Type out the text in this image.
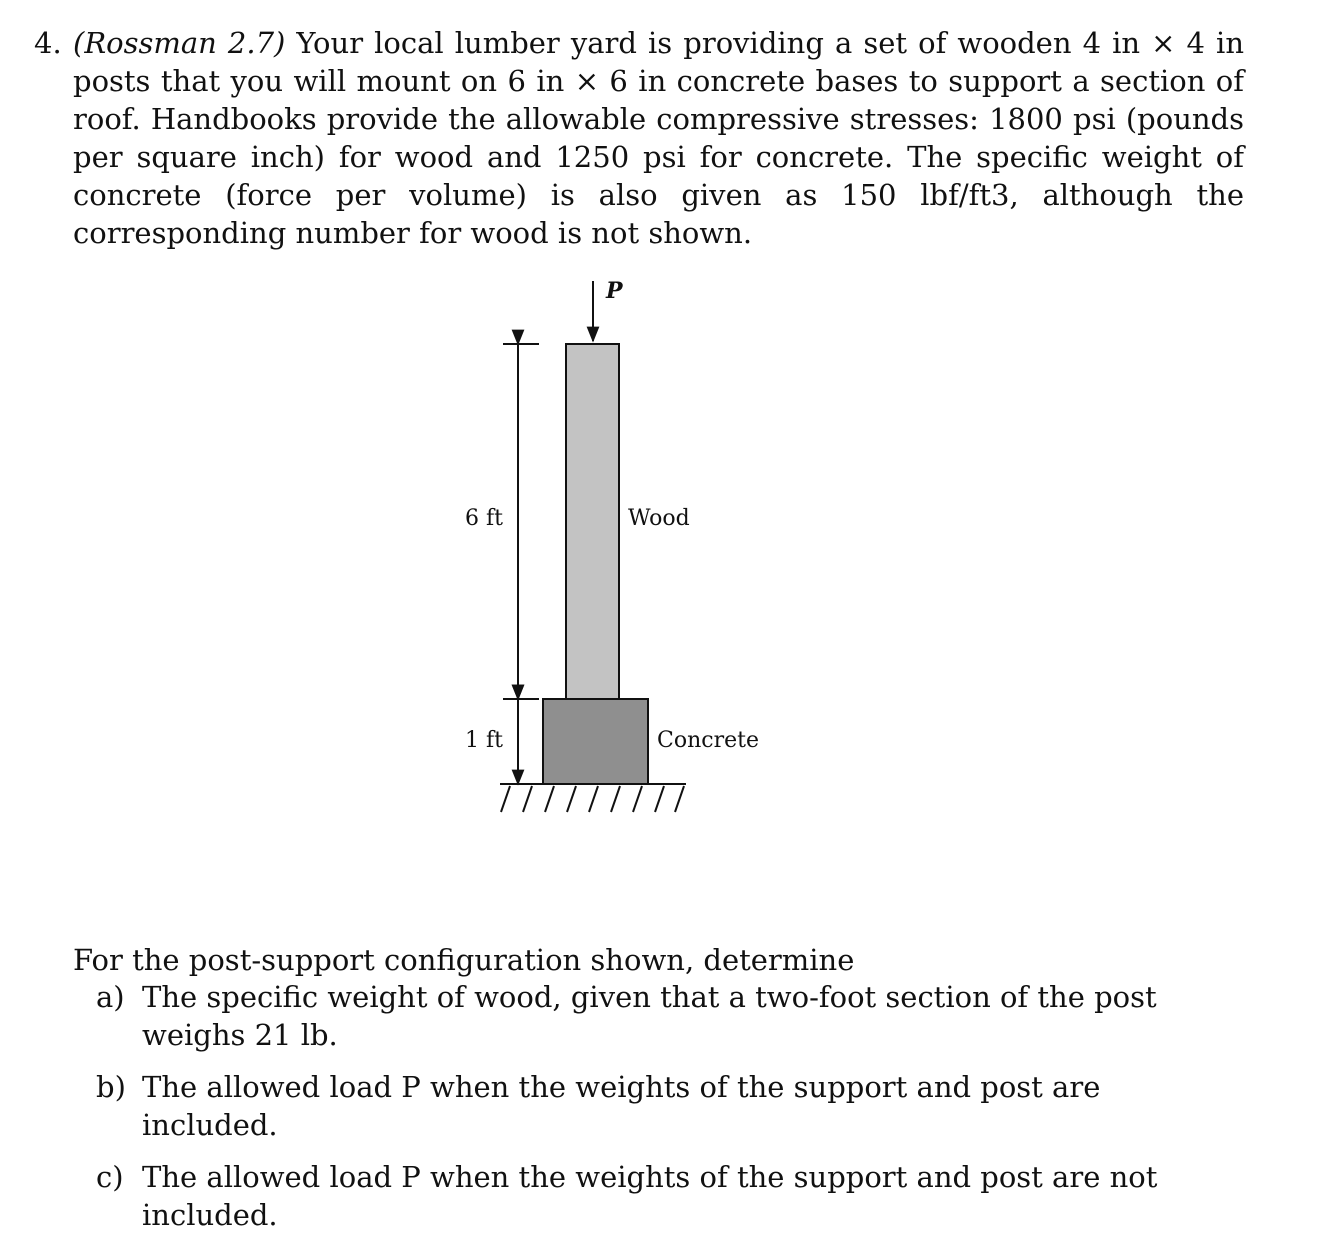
4. (Rossman 2.7) Your local lumber yard is providing a set of wooden 4 in × 4 in posts that you will mount on 6 in × 6 in concrete bases to support a section of roof. Handbooks provide the allowable compressive stresses: 1800 psi (pounds per square inch) for wood and 1250 psi for concrete. The specific weight of concrete (force per volume) is also given as 150 lbf/ft3, although the corresponding number for wood is not shown.
P
6 ft
1 ft
Wood
Concrete

For the post-support configuration shown, determine

a) The specific weight of wood, given that a two-foot section of the post weighs 21 lb.
b) The allowed load P when the weights of the support and post are included.
c) The allowed load P when the weights of the support and post are not included.
